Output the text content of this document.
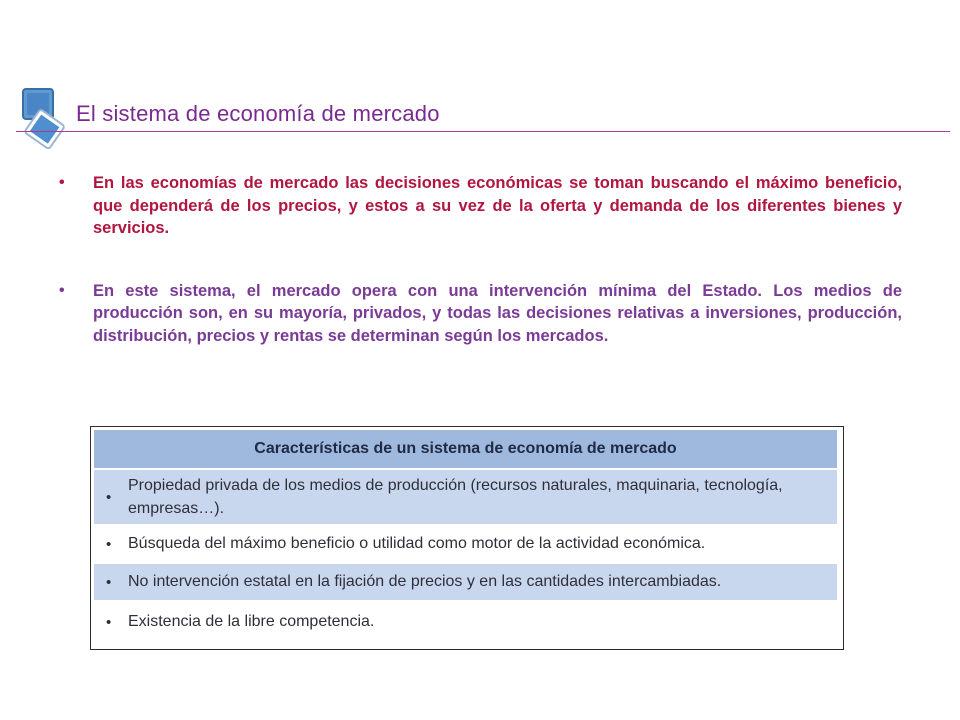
El sistema de economía de mercado
• En las economías de mercado las decisiones económicas se toman buscando el máximo beneficio, que dependerá de los precios, y estos a su vez de la oferta y demanda de los diferentes bienes y servicios.
• En este sistema, el mercado opera con una intervención mínima del Estado. Los medios de producción son, en su mayoría, privados, y todas las decisiones relativas a inversiones, producción, distribución, precios y rentas se determinan según los mercados.
Características de un sistema de economía de mercado
•
Propiedad privada de los medios de producción (recursos naturales, maquinaria, tecnología, empresas…).
• Búsqueda del máximo beneficio o utilidad como motor de la actividad económica.
• No intervención estatal en la fijación de precios y en las cantidades intercambiadas.
• Existencia de la libre competencia.
